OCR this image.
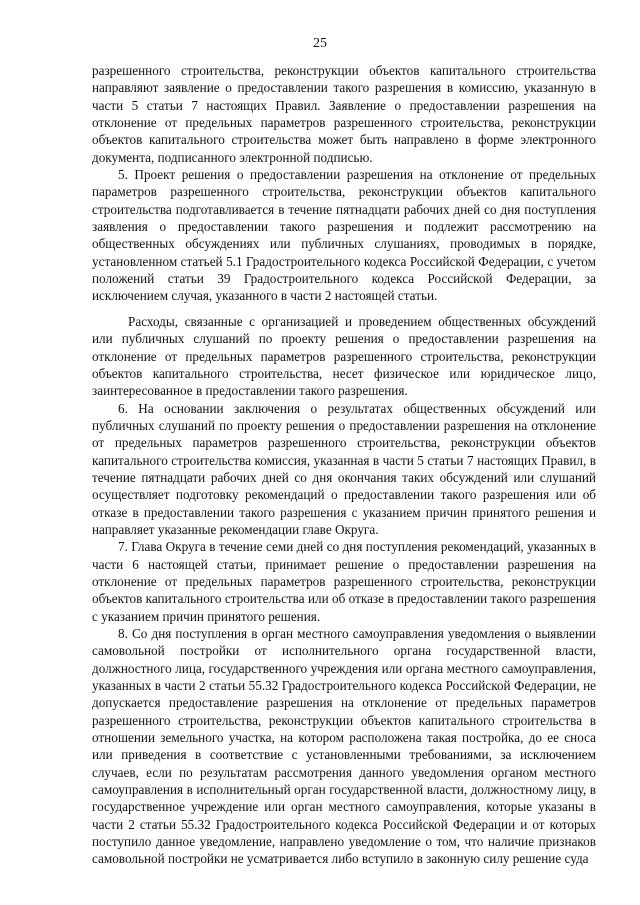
25

разрешенного строительства, реконструкции объектов капитального строительства направляют заявление о предоставлении такого разрешения в комиссию, указанную в части 5 статьи 7 настоящих Правил. Заявление о предоставлении разрешения на отклонение от предельных параметров разрешенного строительства, реконструкции объектов капитального строительства может быть направлено в форме электронного документа, подписанного электронной подписью.

5. Проект решения о предоставлении разрешения на отклонение от предельных параметров разрешенного строительства, реконструкции объектов капитального строительства подготавливается в течение пятнадцати рабочих дней со дня поступления заявления о предоставлении такого разрешения и подлежит рассмотрению на общественных обсуждениях или публичных слушаниях, проводимых в порядке, установленном статьей 5.1 Градостроительного кодекса Российской Федерации, с учетом положений статьи 39 Градостроительного кодекса Российской Федерации, за исключением случая, указанного в части 2 настоящей статьи.

Расходы, связанные с организацией и проведением общественных обсуждений или публичных слушаний по проекту решения о предоставлении разрешения на отклонение от предельных параметров разрешенного строительства, реконструкции объектов капитального строительства, несет физическое или юридическое лицо, заинтересованное в предоставлении такого разрешения.

6. На основании заключения о результатах общественных обсуждений или публичных слушаний по проекту решения о предоставлении разрешения на отклонение от предельных параметров разрешенного строительства, реконструкции объектов капитального строительства комиссия, указанная в части 5 статьи 7 настоящих Правил, в течение пятнадцати рабочих дней со дня окончания таких обсуждений или слушаний осуществляет подготовку рекомендаций о предоставлении такого разрешения или об отказе в предоставлении такого разрешения с указанием причин принятого решения и направляет указанные рекомендации главе Округа.

7. Глава Округа в течение семи дней со дня поступления рекомендаций, указанных в части 6 настоящей статьи, принимает решение о предоставлении разрешения на отклонение от предельных параметров разрешенного строительства, реконструкции объектов капитального строительства или об отказе в предоставлении такого разрешения с указанием причин принятого решения.

8. Со дня поступления в орган местного самоуправления уведомления о выявлении самовольной постройки от исполнительного органа государственной власти, должностного лица, государственного учреждения или органа местного самоуправления, указанных в части 2 статьи 55.32 Градостроительного кодекса Российской Федерации, не допускается предоставление разрешения на отклонение от предельных параметров разрешенного строительства, реконструкции объектов капитального строительства в отношении земельного участка, на котором расположена такая постройка, до ее сноса или приведения в соответствие с установленными требованиями, за исключением случаев, если по результатам рассмотрения данного уведомления органом местного самоуправления в исполнительный орган государственной власти, должностному лицу, в государственное учреждение или орган местного самоуправления, которые указаны в части 2 статьи 55.32 Градостроительного кодекса Российской Федерации и от которых поступило данное уведомление, направлено уведомление о том, что наличие признаков самовольной постройки не усматривается либо вступило в законную силу решение суда
